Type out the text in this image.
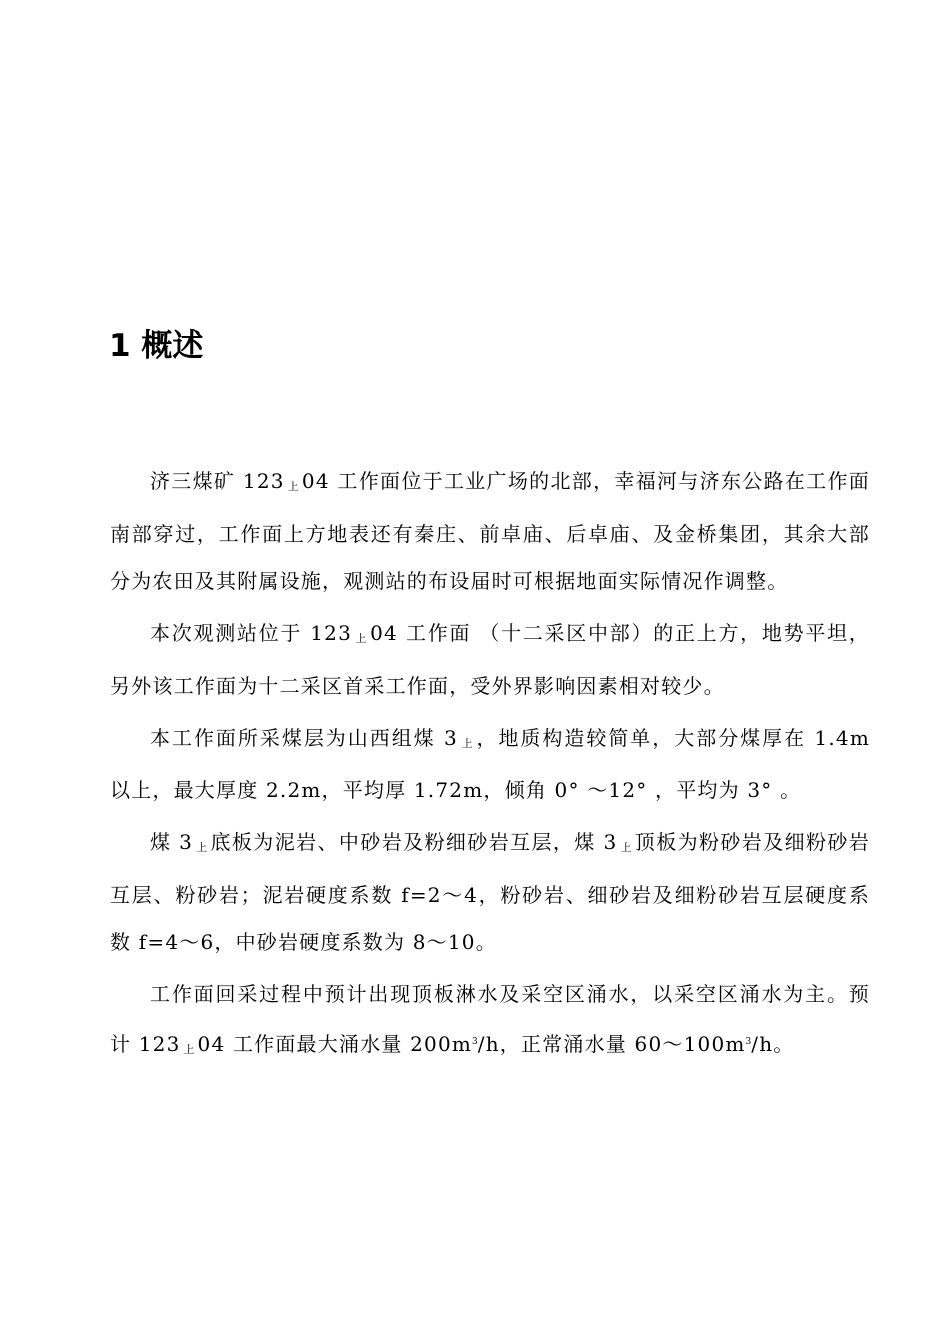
1 概述

济三煤矿 123 上 04 工作面位于工业广场的北部，幸福河与济东公路在工作面南部穿过，工作面上方地表还有秦庄、前卓庙、后卓庙、及金桥集团，其余大部分为农田及其附属设施，观测站的布设届时可根据地面实际情况作调整。

本次观测站位于 123 上 04 工作面 （十二采区中部）的正上方，地势平坦，另外该工作面为十二采区首采工作面，受外界影响因素相对较少。

本工作面所采煤层为山西组煤 3 上 ，地质构造较简单，大部分煤厚在 1.4m 以上，最大厚度 2.2m，平均厚 1.72m，倾角 0° ～12° ，平均为 3° 。

煤 3 上 底板为泥岩、中砂岩及粉细砂岩互层，煤 3 上 顶板为粉砂岩及细粉砂岩互层、粉砂岩；泥岩硬度系数 f=2～4，粉砂岩、细砂岩及细粉砂岩互层硬度系数 f=4～6，中砂岩硬度系数为 8～10。

工作面回采过程中预计出现顶板淋水及采空区涌水，以采空区涌水为主。预计 123 上 04 工作面最大涌水量 $200m^3/h$，正常涌水量 $60\sim 100m^3/h$。
